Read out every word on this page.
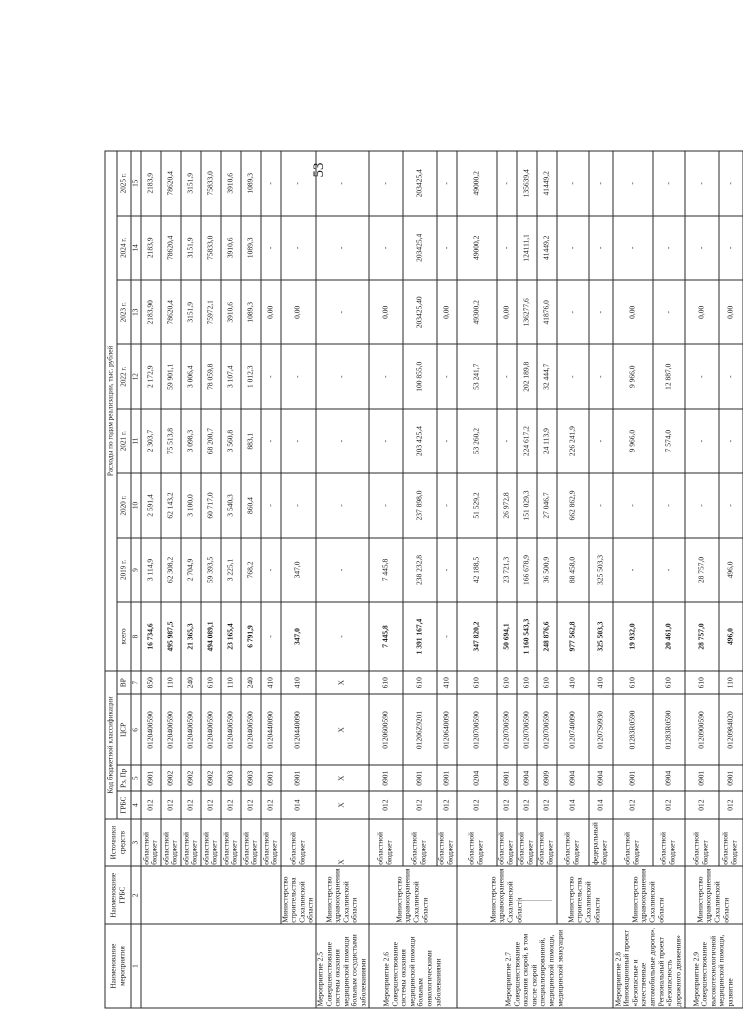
53
Наименование мероприятия	Наименование ГРБС	Источники средств	Код бюджетной классификации				Расходы по годам реализации, тыс. рублей							
			ГРБС	Рз, Пр	ЦСР	ВР	всего	2019 г.	2020 г.	2021 г.	2022 г.	2023 г.	2024 г.	2025 г.
1	2	3	4	5	6	7	8	9	10	11	12	13	14	15
		областной бюджет	012	0901	0120400590	850	16 734,6	3 114,9	2 591,4	2 303,7	2 172,9	2183,90	2183,9	2183,9
		областной бюджет	012	0902	0120400590	110	495 987,5	62 308,2	62 143,2	75 513,8	59 901,1	78620,4	78620,4	78620,4
		областной бюджет	012	0902	0120400590	240	21 365,3	2 704,9	3 100,0	3 098,3	3 006,4	3151,9	3151,9	3151,9
		областной бюджет	012	0902	0120400590	610	494 089,1	59 393,5	60 717,0	68 200,7	78 059,8	75972,1	75833,0	75833,0
		областной бюджет	012	0903	0120400590	110	23 165,4	3 225,1	3 540,3	3 560,8	3 107,4	3910,6	3910,6	3910,6
		областной бюджет	012	0903	0120400590	240	6 791,9	768,2	860,4	883,1	1 012,3	1089,3	1089,3	1089,3
		областной бюджет	012	0901	0120440090	410	-	-	-	-	-	0,00	-	-
	Министерство строительства Сахалинской области	областной бюджет	014	0901	0120440090	410	347,0	347,0	-	-	-	0,00	-	-
Мероприятие 2.5 Совершенствование системы оказания медицинской помощи больным сосудистыми заболеваниями	Министерство здравоохранения Сахалинской области	Х	Х	Х	Х	Х	-	-	-	-	-	-	-	-
Мероприятие 2.6 Совершенствование системы оказания медицинской помощи больным онкологическими заболеваниями	Министерство здравоохранения Сахалинской области	областной бюджет	012	0901	0120600590	610	7 445,8	7 445,8	-	-	-	0,00	-	-
		областной бюджет	012	0901	01206Z9201	610	1 391 167,4	238 232,8	237 898,0	203 425,4	100 855,0	203425,40	203425,4	203425,4
		областной бюджет	012	0901	0120640090	410	-	-	-	-	-	0,00	-	-
Мероприятие 2.7 Совершенствование оказания скорой, в том числе скорой специализированной, медицинской помощи, медицинской эвакуации	Министерство здравоохранения Сахалинской области	областной бюджет	012	0204	0120700590	610	347 820,2	42 188,5	51 529,2	53 260,2	53 241,7	49300,2	49000,2	49000,2
		областной бюджет	012	0901	0120700590	610	50 694,1	23 721,3	26 972,8	-	-	0,00	-	-
		областной бюджет	012	0904	0120700590	610	1 160 543,3	166 678,9	151 029,3	224 617,2	202 189,8	136277,6	124111,1	135639,4
		областной бюджет	012	0909	0120700590	610	248 876,6	36 500,9	27 046,7	24 113,9	32 444,7	41876,0	41449,2	41449,2
	Министерство строительства Сахалинской области	областной бюджет	014	0904	0120740090	410	977 562,8	88 458,0	662 862,9	226 241,9	-	-	-	-
		федеральный бюджет	014	0904	01207S0930	410	325 503,3	325 503,3	-	-	-	-	-	-
Мероприятие 2.8 Инновационный проект «Безопасные и качественные автомобильные дороги». Региональный проект «Безопасность дорожного движения»	Министерство здравоохранения Сахалинской области	областной бюджет	012	0901	01283R0590	610	19 932,0	-	-	9 966,0	9 966,0	0,00	-	-
		областной бюджет	012	0904	01283R0590	610	20 461,0	-	-	7 574,0	12 887,0	-	-	-
Мероприятие 2.9 Совершенствование высокотехнологичной медицинской помощи, развитие	Министерство здравоохранения Сахалинской области	областной бюджет	012	0901	0120900590	610	28 757,0	28 757,0	-	-	-	0,00	-	-
		областной бюджет	012	0901	0120984020	110	496,0	496,0	-	-	-	0,00	-	-
